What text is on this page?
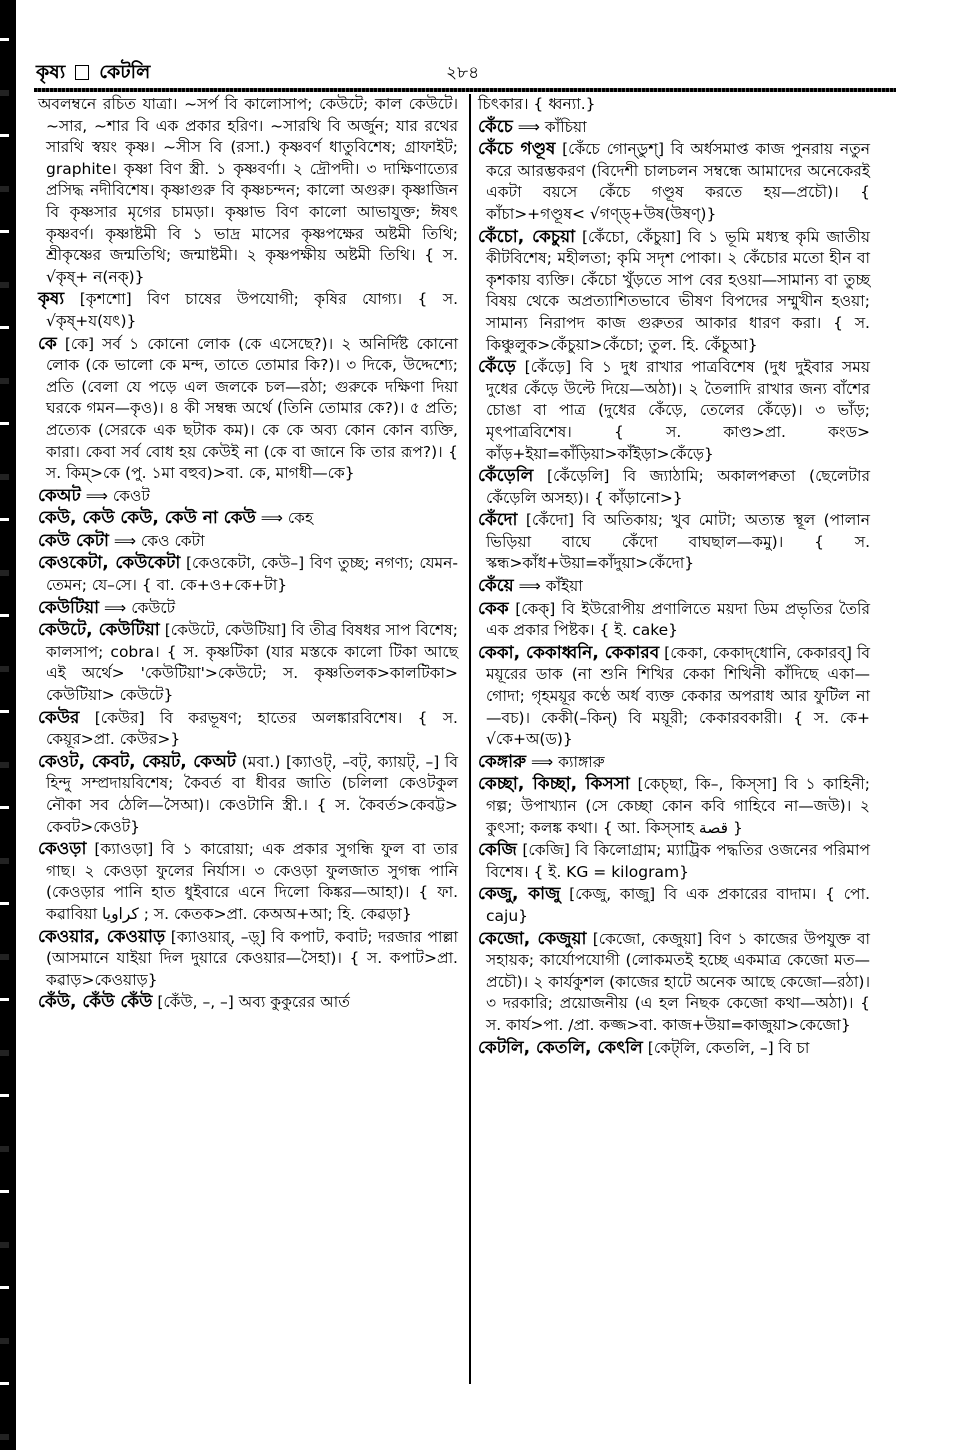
কৃষ্য কেটলি	২৮৪
অবলম্বনে রচিত যাত্রা। ~সর্প বি কালোসাপ; কেউটে; কাল কেউটে। ~সার, ~শার বি এক প্রকার হরিণ। ~সারথি বি অর্জুন; যার রথের সারথি স্বয়ং কৃষ্ণ। ~সীস বি (রসা.) কৃষ্ণবর্ণ ধাতুবিশেষ; গ্রাফাইট; graphite। কৃষ্ণা বিণ স্ত্রী. ১ কৃষ্ণবর্ণা। ২ দ্রৌপদী। ৩ দাক্ষিণাত্যের প্রসিদ্ধ নদীবিশেষ। কৃষ্ণাগুরু বি কৃষ্ণচন্দন; কালো অগুরু। কৃষ্ণাজিন বি কৃষ্ণসার মৃগের চামড়া। কৃষ্ণাভ বিণ কালো আভাযুক্ত; ঈষৎ কৃষ্ণবর্ণ। কৃষ্ণাষ্টমী বি ১ ভাদ্র মাসের কৃষ্ণপক্ষের অষ্টমী তিথি; শ্রীকৃষ্ণের জন্মতিথি; জন্মাষ্টমী। ২ কৃষ্ণপক্ষীয় অষ্টমী তিথি। { স. √কৃষ্+ ন(নক্)}
কৃষ্য [কৃশশো] বিণ চাষের উপযোগী; কৃষির যোগ্য। { স. √কৃষ্+য(যৎ)}
কে [কে] সর্ব ১ কোনো লোক (কে এসেছে?)। ২ অনির্দিষ্ট কোনো লোক (কে ভালো কে মন্দ, তাতে তোমার কি?)। ৩ দিকে, উদ্দেশ্যে; প্রতি (বেলা যে পড়ে এল জলকে চল—রঠা; গুরুকে দক্ষিণা দিয়া ঘরকে গমন—কৃও)। ৪ কী সম্বন্ধ অর্থে (তিনি তোমার কে?)। ৫ প্রতি; প্রত্যেক (সেরকে এক ছটাক কম)। কে কে অব্য কোন কোন ব্যক্তি, কারা। কেবা সর্ব বোধ হয় কেউই না (কে বা জানে কি তার রূপ?)। { স. কিম্>কে (পু. ১মা বহুব)>বা. কে, মাগধী—কে}
কেঅট ⟹ কেওট
কেউ, কেউ কেউ, কেউ না কেউ ⟹ কেহ
কেউ কেটা ⟹ কেও কেটা
কেওকেটা, কেউকেটা [কেওকেটা, কেউ–] বিণ তুচ্ছ; নগণ্য; যেমন-তেমন; যে–সে। { বা. কে+ও+কে+টা}
কেউটিয়া ⟹ কেউটে
কেউটে, কেউটিয়া [কেউটে, কেউটিয়া] বি তীব্র বিষধর সাপ বিশেষ; কালসাপ; cobra। { স. কৃষ্ণটিকা (যার মস্তকে কালো টিকা আছে এই অর্থে> 'কেউটিয়া'>কেউটে; স. কৃষ্ণতিলক>কালটিকা> কেউটিয়া> কেউটে}
কেউর [কেউর] বি করভূষণ; হাতের অলঙ্কারবিশেষ। { স. কেয়ূর>প্রা. কেউর>}
কেওট, কেবট, কেয়ট, কেঅট (মবা.) [ক্যাওট্, –বট্, ক্যায়ট্, –] বি হিন্দু সম্প্রদায়বিশেষ; কৈবর্ত বা ধীবর জাতি (চলিলা কেওটকুল নৌকা সব ঠেলি—সৈআ)। কেওটানি স্ত্রী.। { স. কৈবর্ত>কেবট্ট> কেবট>কেওট}
কেওড়া [ক্যাওড়া] বি ১ কারোয়া; এক প্রকার সুগন্ধি ফুল বা তার গাছ। ২ কেওড়া ফুলের নির্যাস। ৩ কেওড়া ফুলজাত সুগন্ধ পানি (কেওড়ার পানি হাত ধুইবারে এনে দিলো কিঙ্কর—আহা)। { ফা. কৱাবিয়া کراویا ; স. কেতক>প্রা. কেঅঅ+আ; হি. কেৱড়া}
কেওয়ার, কেওয়াড় [ক্যাওয়ার্, –ড়্] বি কপাট, কবাট; দরজার পাল্লা (আসমানে যাইয়া দিল দুয়ারে কেওয়ার—সৈহা)। { স. কপাট>প্রা. কৱাড়>কেওয়াড়}
কেঁউ, কেঁউ কেঁউ [কেঁউ, –, –] অব্য কুকুরের আর্ত
চিৎকার। { ধ্বন্যা.}
কেঁচে ⟹ কাঁচিয়া
কেঁচে গণ্ডূষ [কেঁচে গোন্‌ডুশ্] বি অর্ধসমাপ্ত কাজ পুনরায় নতুন করে আরম্ভকরণ (বিদেশী চালচলন সম্বন্ধে আমাদের অনেকেরই একটা বয়সে কেঁচে গণ্ডূষ করতে হয়—প্রচৌ)। { কাঁচা>+গণ্ডূষ< √গণ্ড্+উষ(উষণ্)}
কেঁচো, কেচুয়া [কেঁচো, কেঁচুয়া] বি ১ ভূমি মধ্যস্থ কৃমি জাতীয় কীটবিশেষ; মহীলতা; কৃমি সদৃশ পোকা। ২ কেঁচোর মতো হীন বা কৃশকায় ব্যক্তি। কেঁচো খুঁড়তে সাপ বের হওয়া—সামান্য বা তুচ্ছ বিষয় থেকে অপ্রত্যাশিতভাবে ভীষণ বিপদের সম্মুখীন হওয়া; সামান্য নিরাপদ কাজ গুরুতর আকার ধারণ করা। { স. কিঞ্চুলুক>কেঁচুয়া>কেঁচো; তুল. হি. কেঁচুআ}
কেঁড়ে [কেঁড়ে] বি ১ দুধ রাখার পাত্রবিশেষ (দুধ দুইবার সময় দুধের কেঁড়ে উল্টে দিয়ে—অঠা)। ২ তৈলাদি রাখার জন্য বাঁশের চোঙা বা পাত্র (দুধের কেঁড়ে, তেলের কেঁড়ে)। ৩ ভাঁড়; মৃৎপাত্রবিশেষ। { স. কাণ্ড>প্রা. কংড> কাঁড়+ইয়া=কাঁড়িয়া>কাঁইড়া>কেঁড়ে}
কেঁড়েলি [কেঁড়েলি] বি জ্যাঠামি; অকালপক্বতা (ছেলেটার কেঁড়েলি অসহ্য)। { কাঁড়ানো>}
কেঁদো [কেঁদো] বি অতিকায়; খুব মোটা; অত্যন্ত স্থূল (পালান ভিড়িয়া বাঘে কেঁদো বাঘছাল—কমু)। { স. স্কন্ধ>কাঁধ+উয়া=কাঁদুয়া>কেঁদো}
কেঁয়ে ⟹ কাঁইয়া
কেক [কেক্] বি ইউরোপীয় প্রণালিতে ময়দা ডিম প্রভৃতির তৈরি এক প্রকার পিষ্টক। { ই. cake}
কেকা, কেকাধ্বনি, কেকারব [কেকা, কেকাদ্‌ধোনি, কেকারব্] বি ময়ূরের ডাক (না শুনি শিখির কেকা শিখিনী কাঁদিছে একা—গোদা; গৃহময়ূর কণ্ঠে অর্ধ ব্যক্ত কেকার অপরাধ আর ফুটিল না—বচ)। কেকী(–কিন্) বি ময়ূরী; কেকারবকারী। { স. কে+ √কে+অ(ড)}
কেঙ্গারু ⟹ ক্যাঙ্গারু
কেচ্ছা, কিচ্ছা, কিসসা [কেচ্‌ছা, কি–, কিস্‌সা] বি ১ কাহিনী; গল্প; উপাখ্যান (সে কেচ্ছা কোন কবি গাহিবে না—জউ)। ২ কুৎসা; কলঙ্ক কথা। { আ. কিস্‌সাহ قصة }
কেজি [কেজি] বি কিলোগ্রাম; ম্যাট্রিক পদ্ধতির ওজনের পরিমাপ বিশেষ। { ই. KG = kilogram}
কেজু, কাজু [কেজু, কাজু] বি এক প্রকারের বাদাম। { পো. caju}
কেজো, কেজুয়া [কেজো, কেজুয়া] বিণ ১ কাজের উপযুক্ত বা সহায়ক; কার্যোপযোগী (লোকমতই হচ্ছে একমাত্র কেজো মত—প্রচৌ)। ২ কার্যকুশল (কাজের হাটে অনেক আছে কেজো—রঠা)। ৩ দরকারি; প্রয়োজনীয় (এ হল নিছক কেজো কথা—অঠা)। { স. কার্য>পা. /প্রা. কজ্জ>বা. কাজ+উয়া=কাজুয়া>কেজো}
কেটলি, কেতলি, কেৎলি [কেট্‌লি, কেতলি, –] বি চা
